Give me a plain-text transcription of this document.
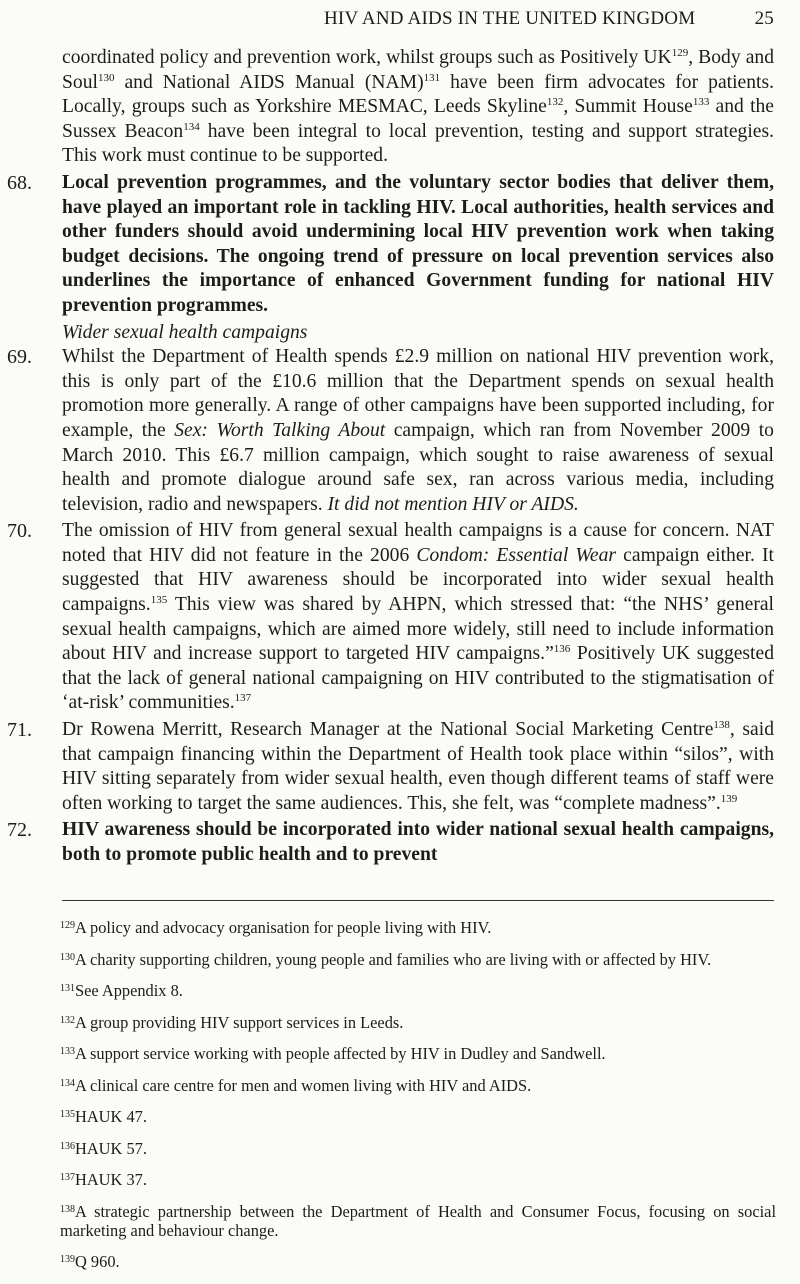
HIV AND AIDS IN THE UNITED KINGDOM	25

coordinated policy and prevention work, whilst groups such as Positively UK$^{129}$, Body and Soul$^{130}$ and National AIDS Manual (NAM)$^{131}$ have been firm advocates for patients. Locally, groups such as Yorkshire MESMAC, Leeds Skyline$^{132}$, Summit House$^{133}$ and the Sussex Beacon$^{134}$ have been integral to local prevention, testing and support strategies. This work must continue to be supported.

68. Local prevention programmes, and the voluntary sector bodies that deliver them, have played an important role in tackling HIV. Local authorities, health services and other funders should avoid undermining local HIV prevention work when taking budget decisions. The ongoing trend of pressure on local prevention services also underlines the importance of enhanced Government funding for national HIV prevention programmes.

Wider sexual health campaigns

69. Whilst the Department of Health spends £2.9 million on national HIV prevention work, this is only part of the £10.6 million that the Department spends on sexual health promotion more generally. A range of other campaigns have been supported including, for example, the Sex: Worth Talking About campaign, which ran from November 2009 to March 2010. This £6.7 million campaign, which sought to raise awareness of sexual health and promote dialogue around safe sex, ran across various media, including television, radio and newspapers. It did not mention HIV or AIDS.

70. The omission of HIV from general sexual health campaigns is a cause for concern. NAT noted that HIV did not feature in the 2006 Condom: Essential Wear campaign either. It suggested that HIV awareness should be incorporated into wider sexual health campaigns.$^{135}$ This view was shared by AHPN, which stressed that: “the NHS’ general sexual health campaigns, which are aimed more widely, still need to include information about HIV and increase support to targeted HIV campaigns.”$^{136}$ Positively UK suggested that the lack of general national campaigning on HIV contributed to the stigmatisation of ‘at-risk’ communities.$^{137}$

71. Dr Rowena Merritt, Research Manager at the National Social Marketing Centre$^{138}$, said that campaign financing within the Department of Health took place within “silos”, with HIV sitting separately from wider sexual health, even though different teams of staff were often working to target the same audiences. This, she felt, was “complete madness”.$^{139}$

72. HIV awareness should be incorporated into wider national sexual health campaigns, both to promote public health and to prevent

$^{129}$A policy and advocacy organisation for people living with HIV.
$^{130}$A charity supporting children, young people and families who are living with or affected by HIV.
$^{131}$See Appendix 8.
$^{132}$A group providing HIV support services in Leeds.
$^{133}$A support service working with people affected by HIV in Dudley and Sandwell.
$^{134}$A clinical care centre for men and women living with HIV and AIDS.
$^{135}$HAUK 47.
$^{136}$HAUK 57.
$^{137}$HAUK 37.
$^{138}$A strategic partnership between the Department of Health and Consumer Focus, focusing on social marketing and behaviour change.
$^{139}$Q 960.
